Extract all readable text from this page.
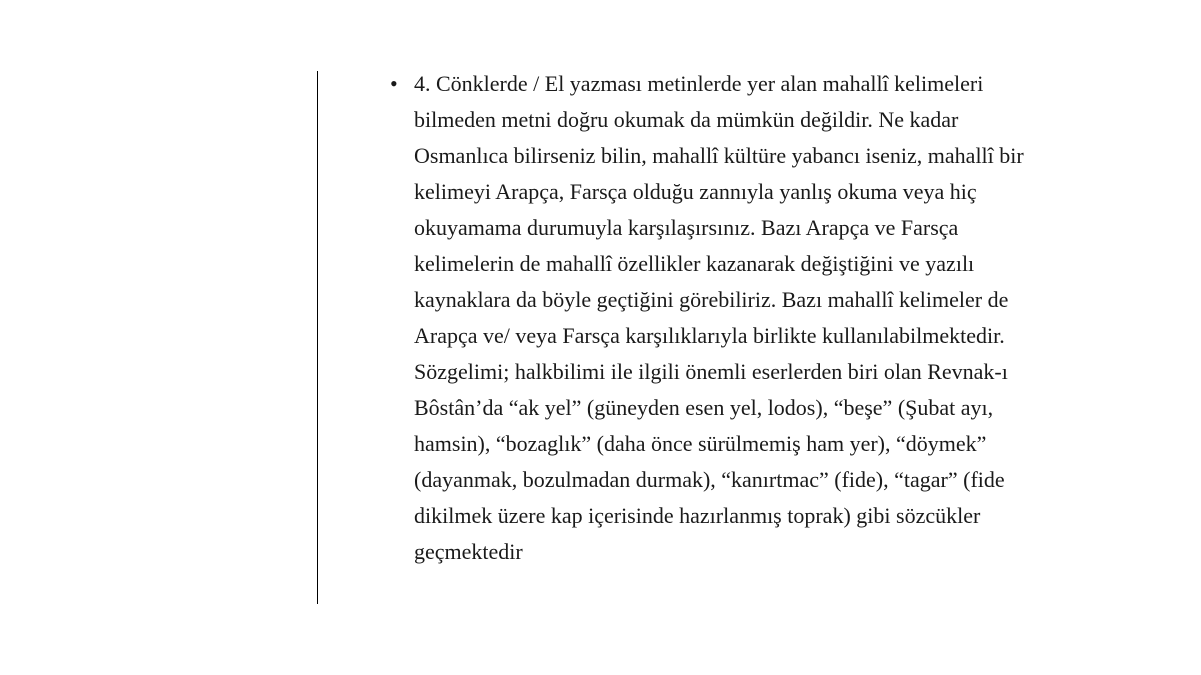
• 4. Cönklerde / El yazması metinlerde yer alan mahallî kelimeleri
bilmeden metni doğru okumak da mümkün değildir. Ne kadar
Osmanlıca bilirseniz bilin, mahallî kültüre yabancı iseniz, mahallî bir
kelimeyi Arapça, Farsça olduğu zannıyla yanlış okuma veya hiç
okuyamama durumuyla karşılaşırsınız. Bazı Arapça ve Farsça
kelimelerin de mahallî özellikler kazanarak değiştiğini ve yazılı
kaynaklara da böyle geçtiğini görebiliriz. Bazı mahallî kelimeler de
Arapça ve/ veya Farsça karşılıklarıyla birlikte kullanılabilmektedir.
Sözgelimi; halkbilimi ile ilgili önemli eserlerden biri olan Revnak-ı
Bôstân’da “ak yel” (güneyden esen yel, lodos), “beşe” (Şubat ayı,
hamsin), “bozaglık” (daha önce sürülmemiş ham yer), “döymek”
(dayanmak, bozulmadan durmak), “kanırtmac” (fide), “tagar” (fide
dikilmek üzere kap içerisinde hazırlanmış toprak) gibi sözcükler
geçmektedir
